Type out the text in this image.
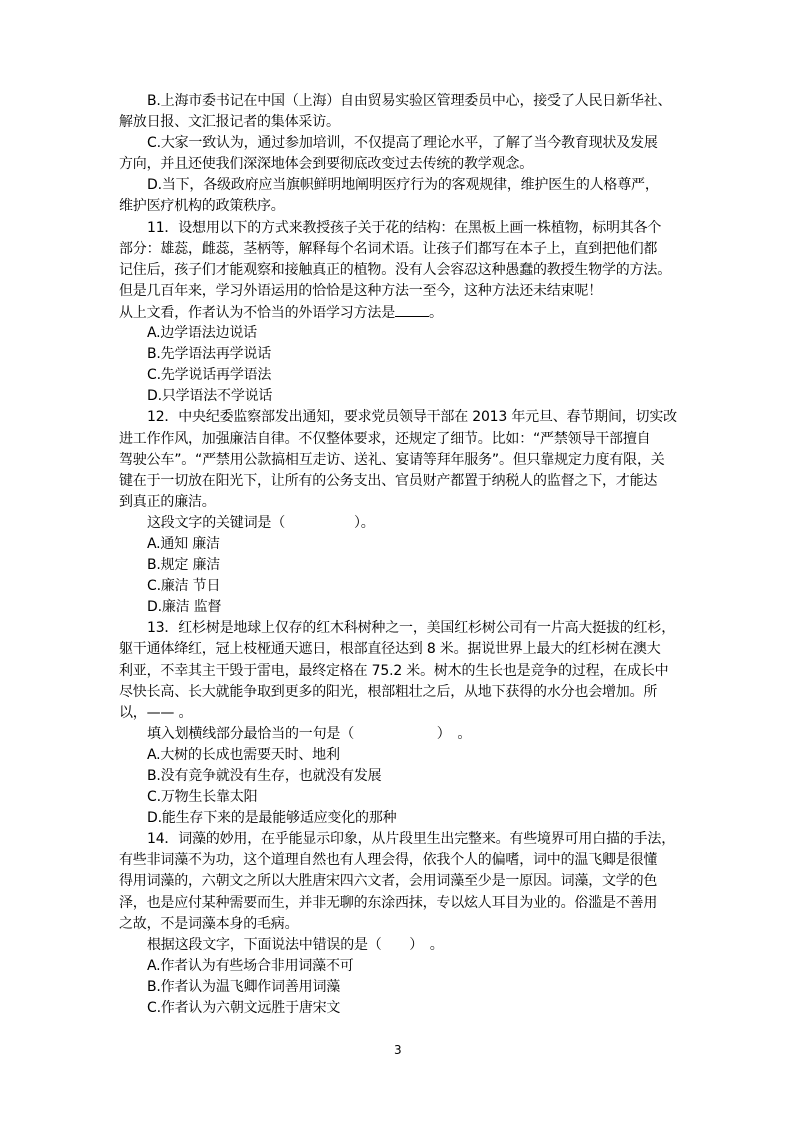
B.上海市委书记在中国（上海）自由贸易实验区管理委员中心，接受了人民日新华社、
解放日报、文汇报记者的集体采访。
C.大家一致认为，通过参加培训，不仅提高了理论水平，了解了当今教育现状及发展
方向，并且还使我们深深地体会到要彻底改变过去传统的教学观念。
D.当下，各级政府应当旗帜鲜明地阐明医疗行为的客观规律，维护医生的人格尊严，
维护医疗机构的政策秩序。
11．设想用以下的方式来教授孩子关于花的结构：在黑板上画一株植物，标明其各个
部分：雄蕊，雌蕊，茎柄等，解释每个名词术语。让孩子们都写在本子上，直到把他们都
记住后，孩子们才能观察和接触真正的植物。没有人会容忍这种愚蠢的教授生物学的方法。
但是几百年来，学习外语运用的恰恰是这种方法一至今，这种方法还未结束呢！
从上文看，作者认为不恰当的外语学习方法是 。
A.边学语法边说话
B.先学语法再学说话
C.先学说话再学语法
D.只学语法不学说话
12．中央纪委监察部发出通知，要求党员领导干部在 2013 年元旦、春节期间，切实改
进工作作风，加强廉洁自律。不仅整体要求，还规定了细节。比如：“严禁领导干部擅自
驾驶公车”。“严禁用公款搞相互走访、送礼、宴请等拜年服务”。但只靠规定力度有限，关
键在于一切放在阳光下，让所有的公务支出、官员财产都置于纳税人的监督之下，才能达
到真正的廉洁。
这段文字的关键词是（　　　　　）。
A.通知 廉洁
B.规定 廉洁
C.廉洁 节日
D.廉洁 监督
13．红杉树是地球上仅存的红木科树种之一，美国红杉树公司有一片高大挺拔的红杉，
躯干通体绛红，冠上枝桠通天遮日，根部直径达到 8 米。据说世界上最大的红杉树在澳大
利亚，不幸其主干毁于雷电，最终定格在 75.2 米。树木的生长也是竞争的过程，在成长中
尽快长高、长大就能争取到更多的阳光，根部粗壮之后，从地下获得的水分也会增加。所
以，—— 。
填入划横线部分最恰当的一句是（　　　　　　）　。
A.大树的长成也需要天时、地利
B.没有竞争就没有生存，也就没有发展
C.万物生长靠太阳
D.能生存下来的是最能够适应变化的那种
14．词藻的妙用，在乎能显示印象，从片段里生出完整来。有些境界可用白描的手法，
有些非词藻不为功，这个道理自然也有人理会得，依我个人的偏嗜，词中的温飞卿是很懂
得用词藻的，六朝文之所以大胜唐宋四六文者，会用词藻至少是一原因。词藻，文学的色
泽，也是应付某种需要而生，并非无聊的东涂西抹，专以炫人耳目为业的。俗滥是不善用
之故，不是词藻本身的毛病。
根据这段文字，下面说法中错误的是（　　）　。
A.作者认为有些场合非用词藻不可
B.作者认为温飞卿作词善用词藻
C.作者认为六朝文远胜于唐宋文
3
